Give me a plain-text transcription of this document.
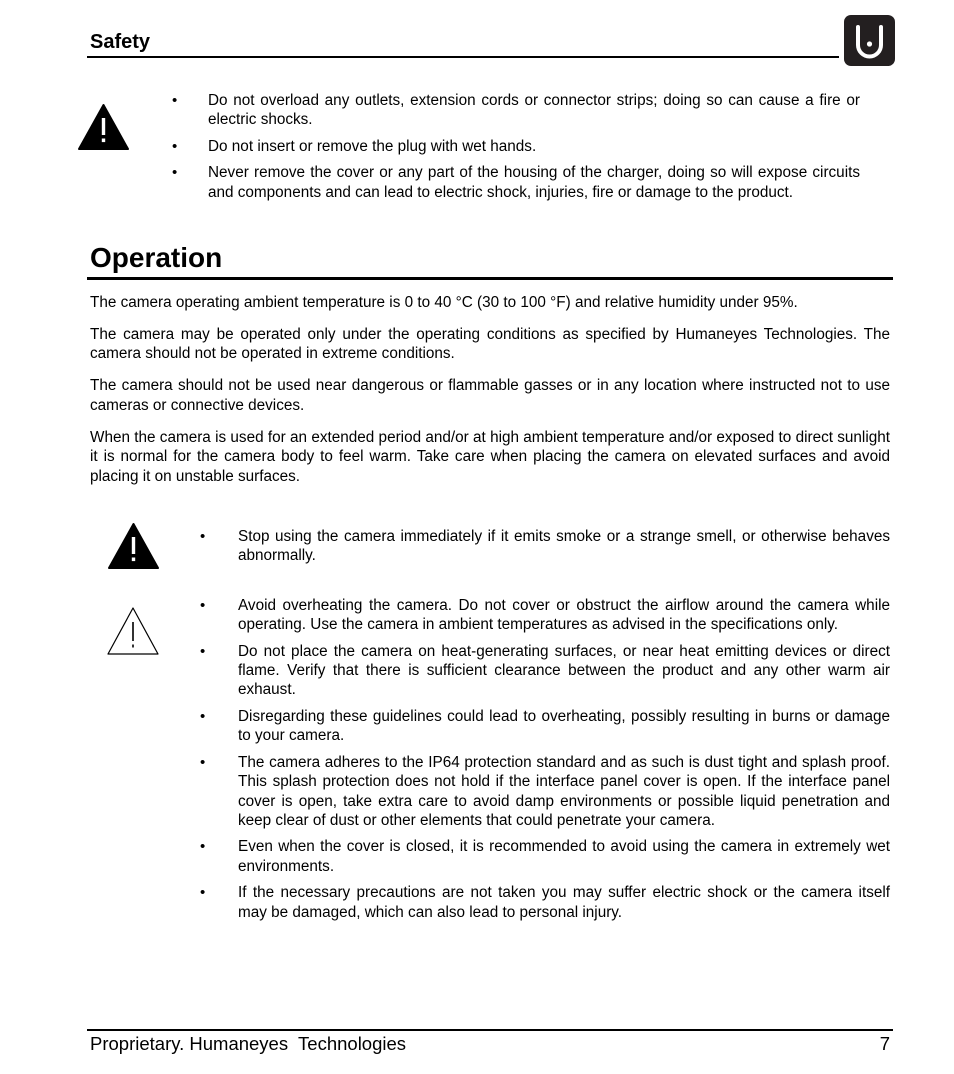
Safety
• Do not overload any outlets, extension cords or connector strips; doing so can cause a fire or electric shocks.
• Do not insert or remove the plug with wet hands.
• Never remove the cover or any part of the housing of the charger, doing so will expose circuits and components and can lead to electric shock, injuries, fire or damage to the product.
Operation

The camera operating ambient temperature is 0 to 40 °C (30 to 100 °F) and relative humidity under 95%.

The camera may be operated only under the operating conditions as specified by Humaneyes Technologies. The camera should not be operated in extreme conditions.

The camera should not be used near dangerous or flammable gasses or in any location where instructed not to use cameras or connective devices.

When the camera is used for an extended period and/or at high ambient temperature and/or exposed to direct sunlight it is normal for the camera body to feel warm. Take care when placing the camera on elevated surfaces and avoid placing it on unstable surfaces.

• Stop using the camera immediately if it emits smoke or a strange smell, or otherwise behaves abnormally.
• Avoid overheating the camera. Do not cover or obstruct the airflow around the camera while operating. Use the camera in ambient temperatures as advised in the specifications only.
• Do not place the camera on heat-generating surfaces, or near heat emitting devices or direct flame. Verify that there is sufficient clearance between the product and any other warm air exhaust.
• Disregarding these guidelines could lead to overheating, possibly resulting in burns or damage to your camera.
• The camera adheres to the IP64 protection standard and as such is dust tight and splash proof. This splash protection does not hold if the interface panel cover is open. If the interface panel cover is open, take extra care to avoid damp environments or possible liquid penetration and keep clear of dust or other elements that could penetrate your camera.
• Even when the cover is closed, it is recommended to avoid using the camera in extremely wet environments.
• If the necessary precautions are not taken you may suffer electric shock or the camera itself may be damaged, which can also lead to personal injury.
Proprietary. Humaneyes  Technologies	7
